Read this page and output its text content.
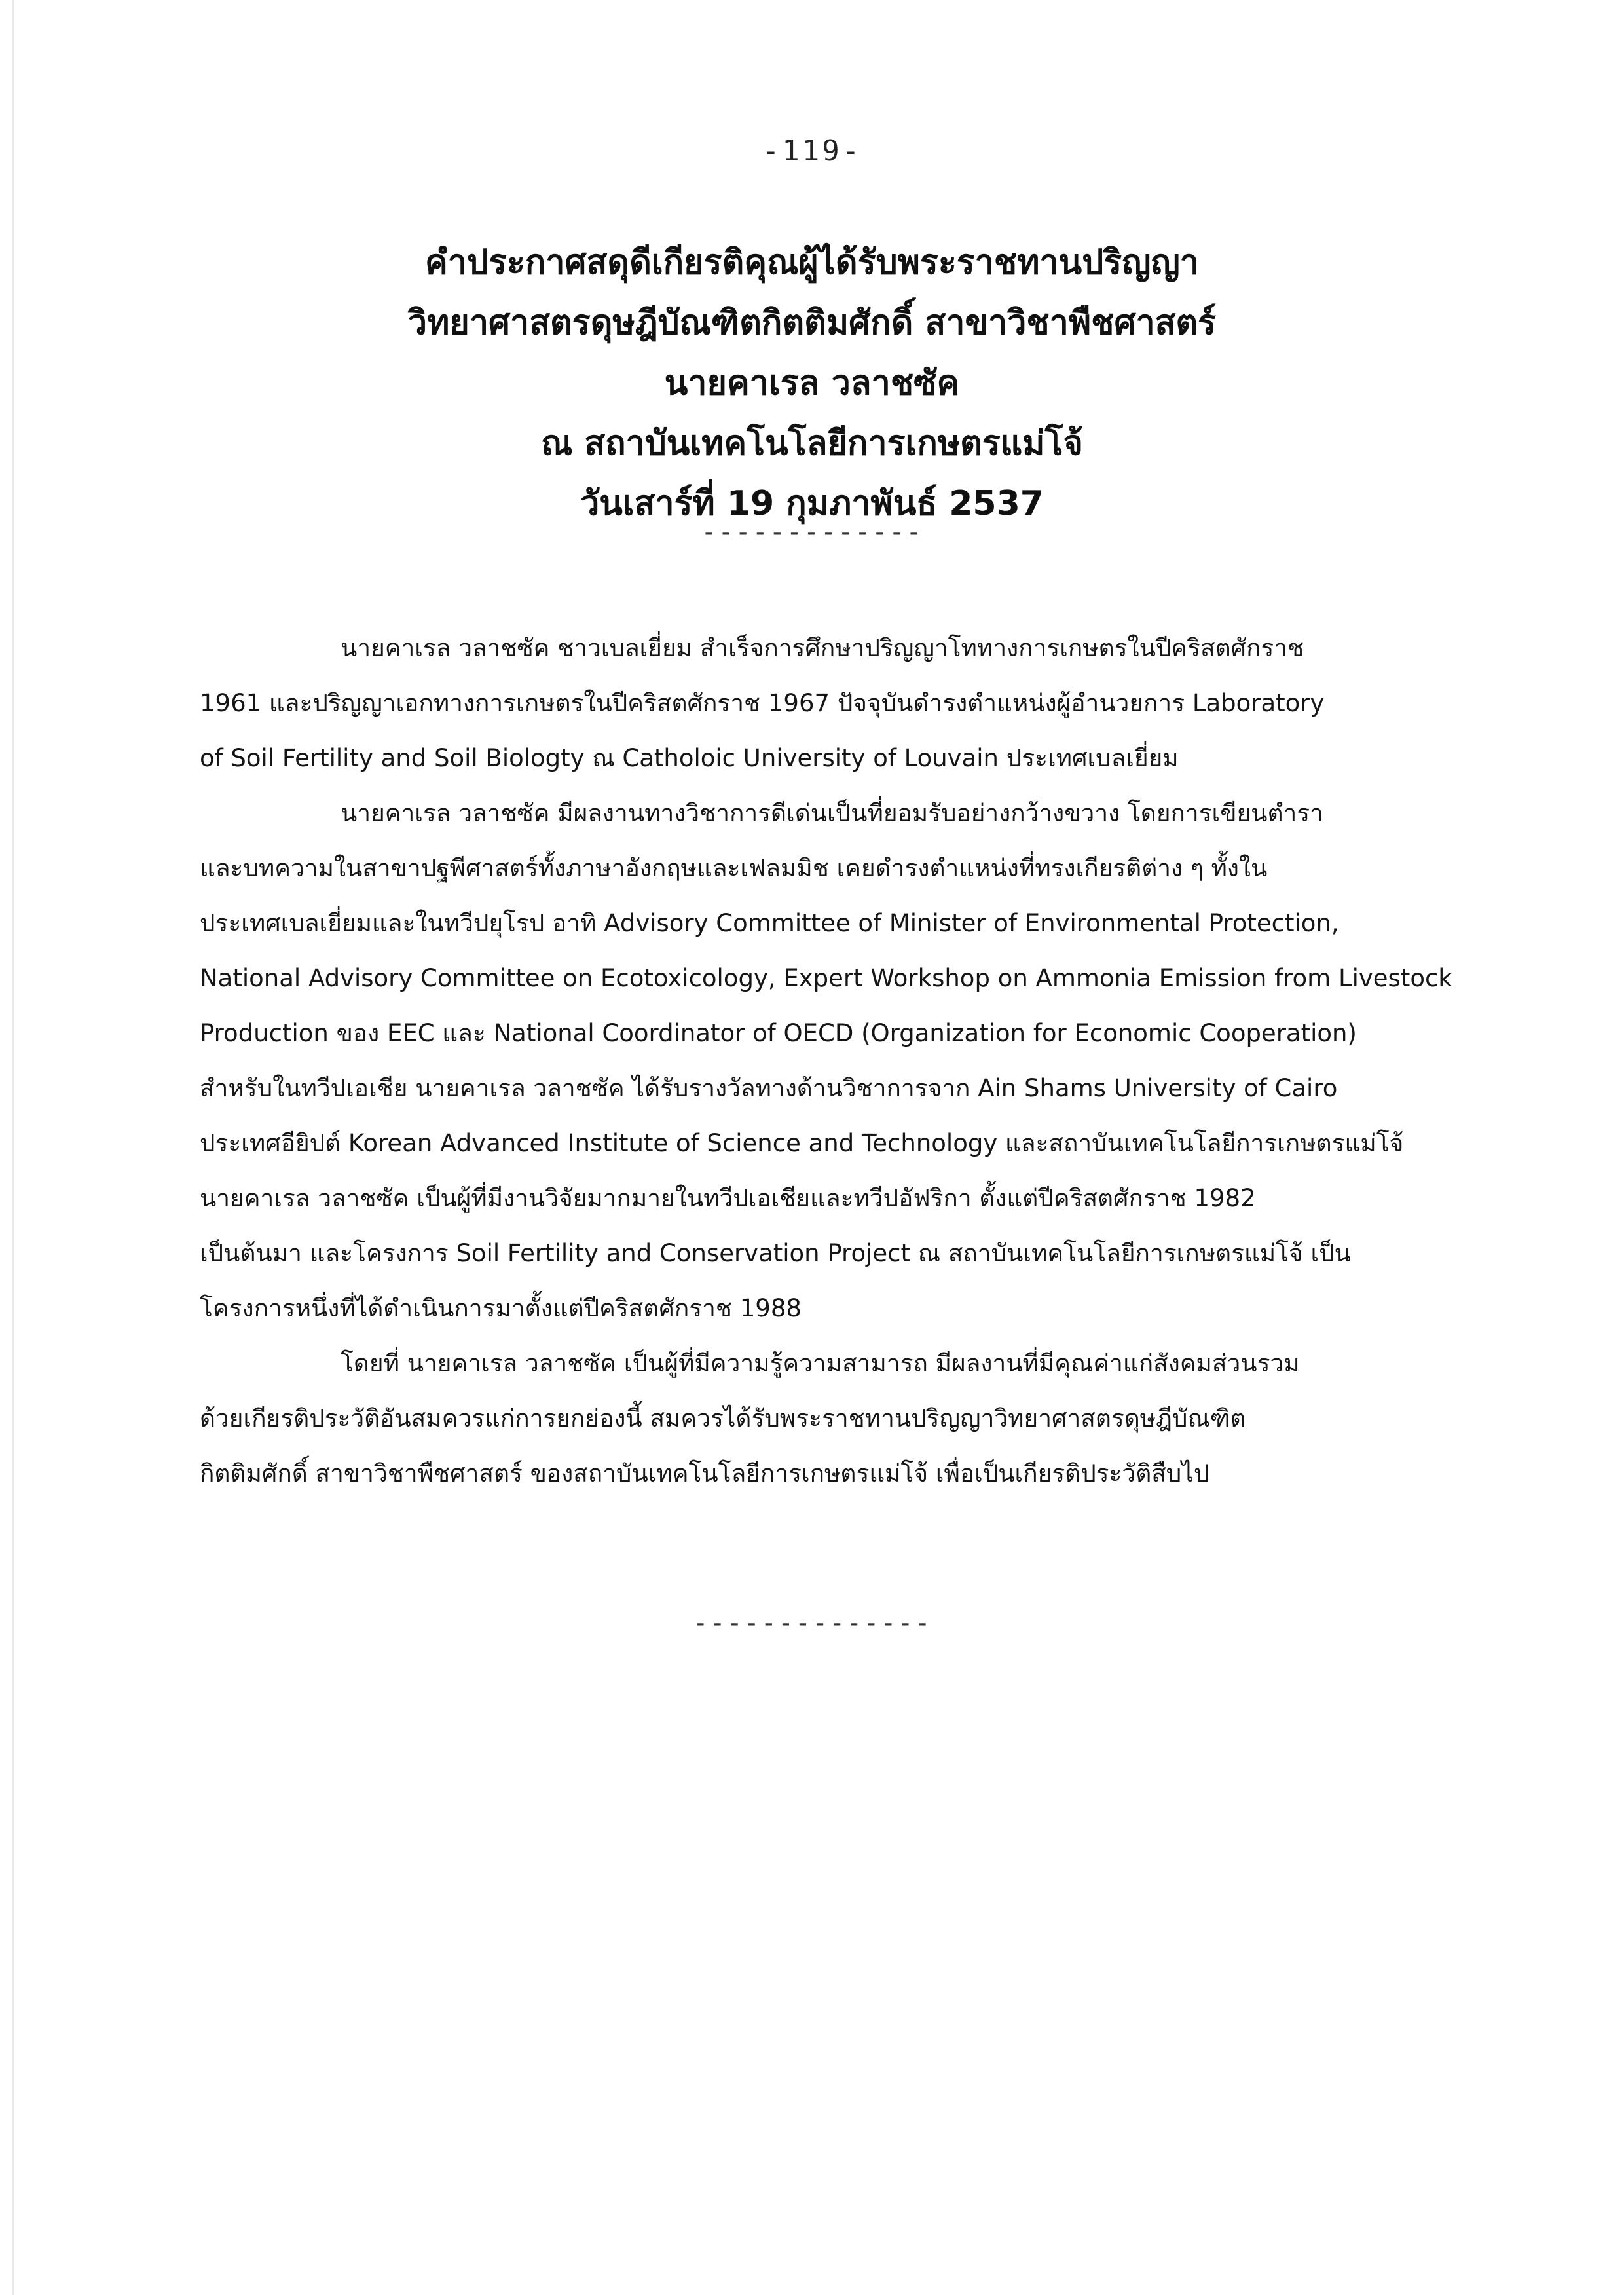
-119-
คำประกาศสดุดีเกียรติคุณผู้ได้รับพระราชทานปริญญา
วิทยาศาสตรดุษฎีบัณฑิตกิตติมศักดิ์ สาขาวิชาพืชศาสตร์
นายคาเรล วลาชซัค
ณ สถาบันเทคโนโลยีการเกษตรแม่โจ้
วันเสาร์ที่ 19 กุมภาพันธ์ 2537
-------------

นายคาเรล วลาชซัค ชาวเบลเยี่ยม สำเร็จการศึกษาปริญญาโททางการเกษตรในปีคริสตศักราช
1961 และปริญญาเอกทางการเกษตรในปีคริสตศักราช 1967 ปัจจุบันดำรงตำแหน่งผู้อำนวยการ Laboratory
of Soil Fertility and Soil Biologty ณ Catholoic University of Louvain ประเทศเบลเยี่ยม

นายคาเรล วลาชซัค มีผลงานทางวิชาการดีเด่นเป็นที่ยอมรับอย่างกว้างขวาง โดยการเขียนตำรา
และบทความในสาขาปฐพีศาสตร์ทั้งภาษาอังกฤษและเฟลมมิช เคยดำรงตำแหน่งที่ทรงเกียรติต่าง ๆ ทั้งใน
ประเทศเบลเยี่ยมและในทวีปยุโรป อาทิ Advisory Committee of Minister of Environmental Protection,
National Advisory Committee on Ecotoxicology, Expert Workshop on Ammonia Emission from Livestock
Production ของ EEC และ National Coordinator of OECD (Organization for Economic Cooperation)
สำหรับในทวีปเอเชีย นายคาเรล วลาชซัค ได้รับรางวัลทางด้านวิชาการจาก Ain Shams University of Cairo
ประเทศอียิปต์ Korean Advanced Institute of Science and Technology และสถาบันเทคโนโลยีการเกษตรแม่โจ้
นายคาเรล วลาชซัค เป็นผู้ที่มีงานวิจัยมากมายในทวีปเอเชียและทวีปอัฟริกา ตั้งแต่ปีคริสตศักราช 1982
เป็นต้นมา และโครงการ Soil Fertility and Conservation Project ณ สถาบันเทคโนโลยีการเกษตรแม่โจ้ เป็น
โครงการหนึ่งที่ได้ดำเนินการมาตั้งแต่ปีคริสตศักราช 1988

โดยที่ นายคาเรล วลาชซัค เป็นผู้ที่มีความรู้ความสามารถ มีผลงานที่มีคุณค่าแก่สังคมส่วนรวม
ด้วยเกียรติประวัติอันสมควรแก่การยกย่องนี้ สมควรได้รับพระราชทานปริญญาวิทยาศาสตรดุษฎีบัณฑิต
กิตติมศักดิ์ สาขาวิชาพืชศาสตร์ ของสถาบันเทคโนโลยีการเกษตรแม่โจ้ เพื่อเป็นเกียรติประวัติสืบไป

--------------
